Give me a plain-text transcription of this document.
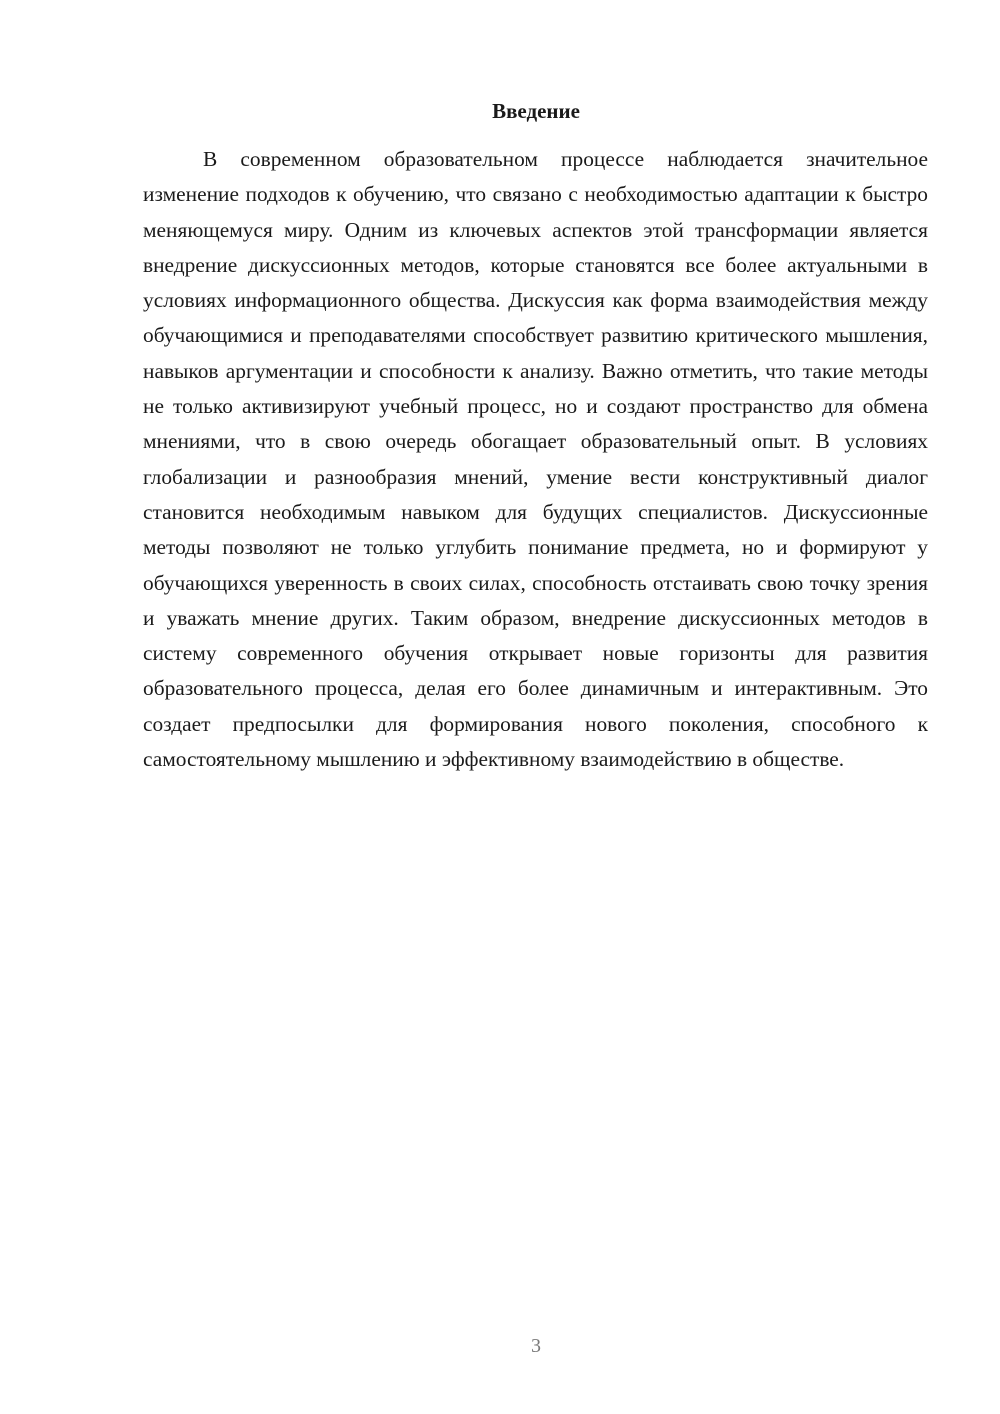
Введение

В современном образовательном процессе наблюдается значительное изменение подходов к обучению, что связано с необходимостью адаптации к быстро меняющемуся миру. Одним из ключевых аспектов этой трансформации является внедрение дискуссионных методов, которые становятся все более актуальными в условиях информационного общества. Дискуссия как форма взаимодействия между обучающимися и преподавателями способствует развитию критического мышления, навыков аргументации и способности к анализу. Важно отметить, что такие методы не только активизируют учебный процесс, но и создают пространство для обмена мнениями, что в свою очередь обогащает образовательный опыт. В условиях глобализации и разнообразия мнений, умение вести конструктивный диалог становится необходимым навыком для будущих специалистов. Дискуссионные методы позволяют не только углубить понимание предмета, но и формируют у обучающихся уверенность в своих силах, способность отстаивать свою точку зрения и уважать мнение других. Таким образом, внедрение дискуссионных методов в систему современного обучения открывает новые горизонты для развития образовательного процесса, делая его более динамичным и интерактивным. Это создает предпосылки для формирования нового поколения, способного к самостоятельному мышлению и эффективному взаимодействию в обществе.

3
